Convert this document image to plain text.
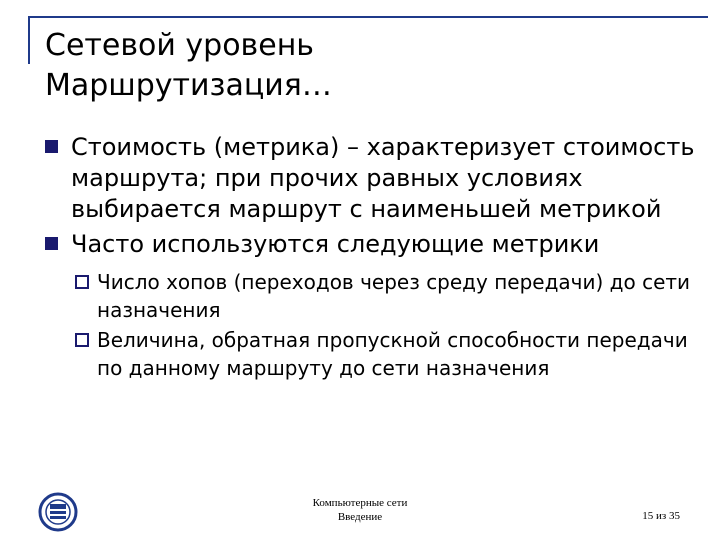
Сетевой уровень
Маршрутизация…
Стоимость (метрика) – характеризует стоимость маршрута; при прочих равных условиях выбирается маршрут с наименьшей метрикой
Часто используются следующие метрики
Число хопов (переходов через среду передачи) до сети назначения
Величина, обратная пропускной способности передачи по данному маршруту до сети назначения
Компьютерные сети
Введение	15 из 35
